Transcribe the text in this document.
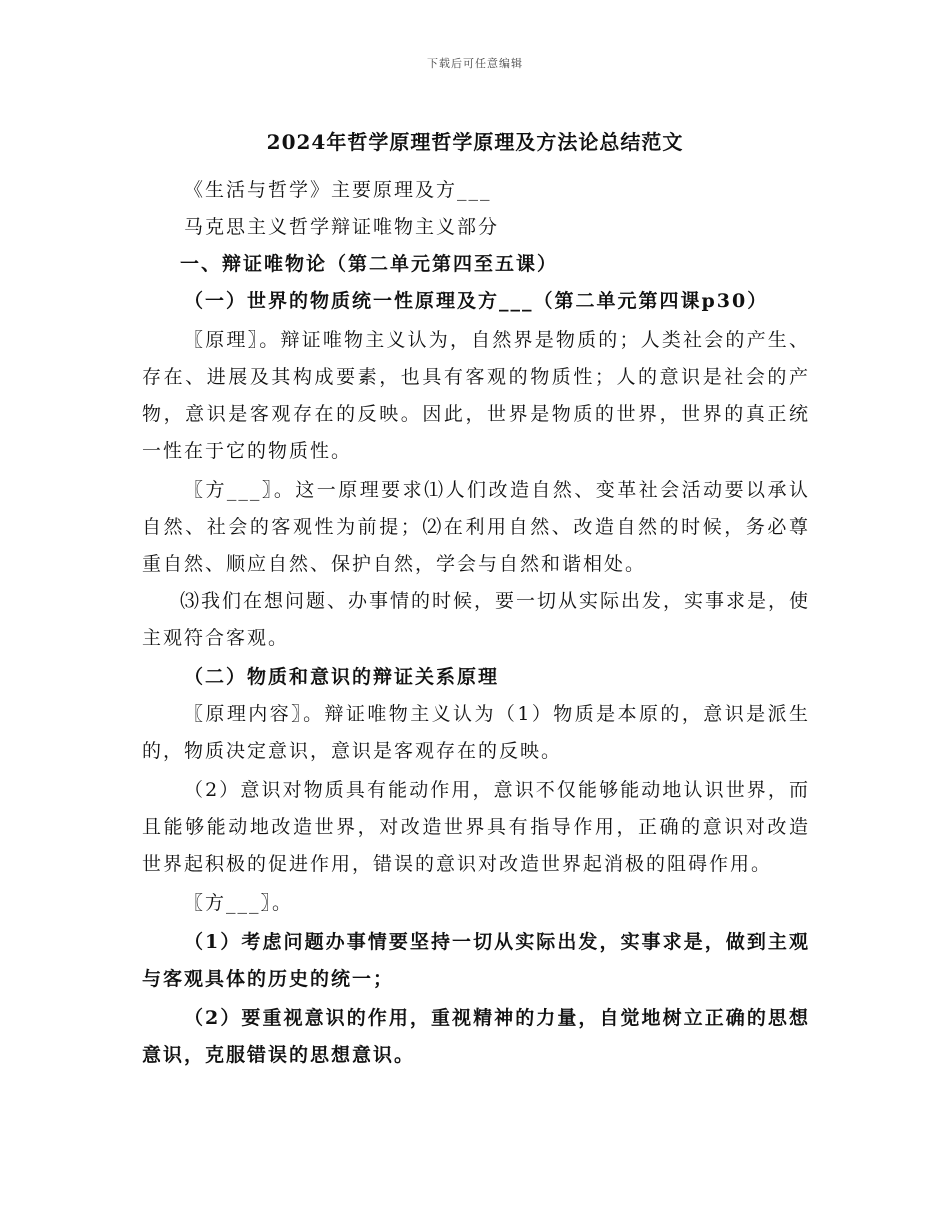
下载后可任意编辑
2024年哲学原理哲学原理及方法论总结范文

《生活与哲学》主要原理及方___

马克思主义哲学辩证唯物主义部分

一、辩证唯物论（第二单元第四至五课）

（一）世界的物质统一性原理及方___（第二单元第四课p30）

〖原理〗。辩证唯物主义认为，自然界是物质的；人类社会的产生、存在、进展及其构成要素，也具有客观的物质性；人的意识是社会的产物，意识是客观存在的反映。因此，世界是物质的世界，世界的真正统一性在于它的物质性。

〖方___〗。这一原理要求⑴人们改造自然、变革社会活动要以承认自然、社会的客观性为前提；⑵在利用自然、改造自然的时候，务必尊重自然、顺应自然、保护自然，学会与自然和谐相处。

⑶我们在想问题、办事情的时候，要一切从实际出发，实事求是，使主观符合客观。

（二）物质和意识的辩证关系原理

〖原理内容〗。辩证唯物主义认为（1）物质是本原的，意识是派生的，物质决定意识，意识是客观存在的反映。

（2）意识对物质具有能动作用，意识不仅能够能动地认识世界，而且能够能动地改造世界，对改造世界具有指导作用，正确的意识对改造世界起积极的促进作用，错误的意识对改造世界起消极的阻碍作用。

〖方___〗。

（1）考虑问题办事情要坚持一切从实际出发，实事求是，做到主观与客观具体的历史的统一；

（2）要重视意识的作用，重视精神的力量，自觉地树立正确的思想意识，克服错误的思想意识。
